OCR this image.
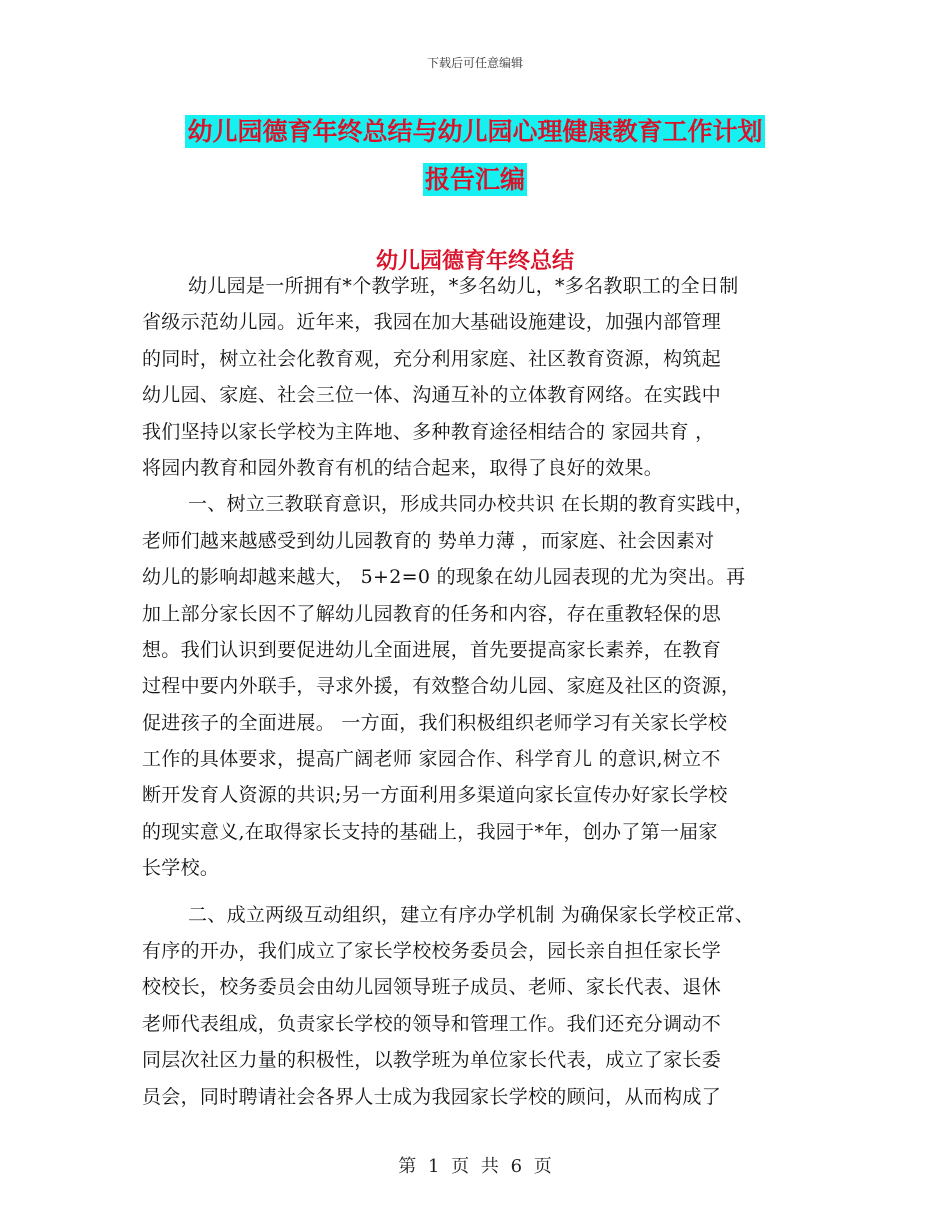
下载后可任意编辑
幼儿园德育年终总结与幼儿园心理健康教育工作计划
报告汇编
幼儿园德育年终总结
幼儿园是一所拥有*个教学班，*多名幼儿，*多名教职工的全日制
省级示范幼儿园。近年来，我园在加大基础设施建设，加强内部管理
的同时，树立社会化教育观，充分利用家庭、社区教育资源，构筑起
幼儿园、家庭、社会三位一体、沟通互补的立体教育网络。在实践中
我们坚持以家长学校为主阵地、多种教育途径相结合的 家园共育 ，
将园内教育和园外教育有机的结合起来，取得了良好的效果。
一、树立三教联育意识，形成共同办校共识 在长期的教育实践中，
老师们越来越感受到幼儿园教育的 势单力薄 ，而家庭、社会因素对
幼儿的影响却越来越大， 5+2=0 的现象在幼儿园表现的尤为突出。再
加上部分家长因不了解幼儿园教育的任务和内容，存在重教轻保的思
想。我们认识到要促进幼儿全面进展，首先要提高家长素养，在教育
过程中要内外联手，寻求外援，有效整合幼儿园、家庭及社区的资源，
促进孩子的全面进展。 一方面，我们积极组织老师学习有关家长学校
工作的具体要求，提高广阔老师 家园合作、科学育儿 的意识,树立不
断开发育人资源的共识;另一方面利用多渠道向家长宣传办好家长学校
的现实意义,在取得家长支持的基础上，我园于*年，创办了第一届家
长学校。
二、成立两级互动组织，建立有序办学机制 为确保家长学校正常、
有序的开办，我们成立了家长学校校务委员会，园长亲自担任家长学
校校长，校务委员会由幼儿园领导班子成员、老师、家长代表、退休
老师代表组成，负责家长学校的领导和管理工作。我们还充分调动不
同层次社区力量的积极性，以教学班为单位家长代表，成立了家长委
员会，同时聘请社会各界人士成为我园家长学校的顾问，从而构成了
第 1 页 共 6 页
